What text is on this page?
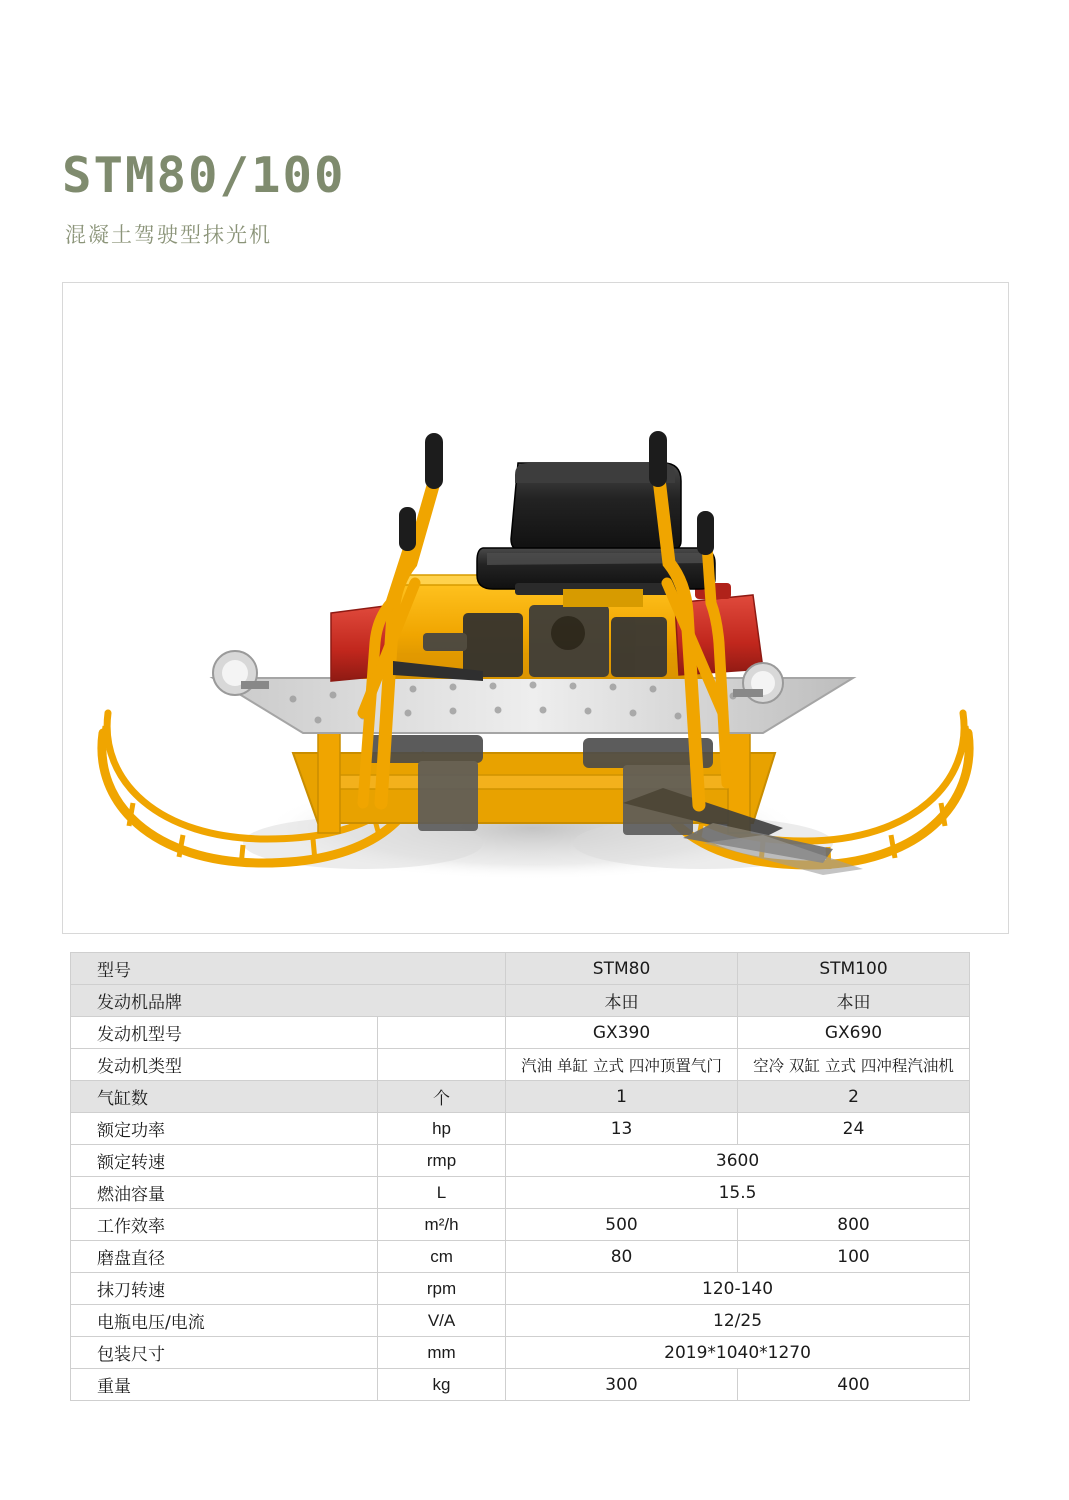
STM80/100
混凝土驾驶型抹光机
型号		STM80	STM100
发动机品牌		本田	本田
发动机型号		GX390	GX690
发动机类型		汽油 单缸 立式 四冲顶置气门	空冷 双缸 立式 四冲程汽油机
气缸数	个	1	2
额定功率	hp	13	24
额定转速	rmp	3600	
燃油容量	L	15.5	
工作效率	m²/h	500	800
磨盘直径	cm	80	100
抹刀转速	rpm	120-140	
电瓶电压/电流	V/A	12/25	
包装尺寸	mm	2019*1040*1270	
重量	kg	300	400
